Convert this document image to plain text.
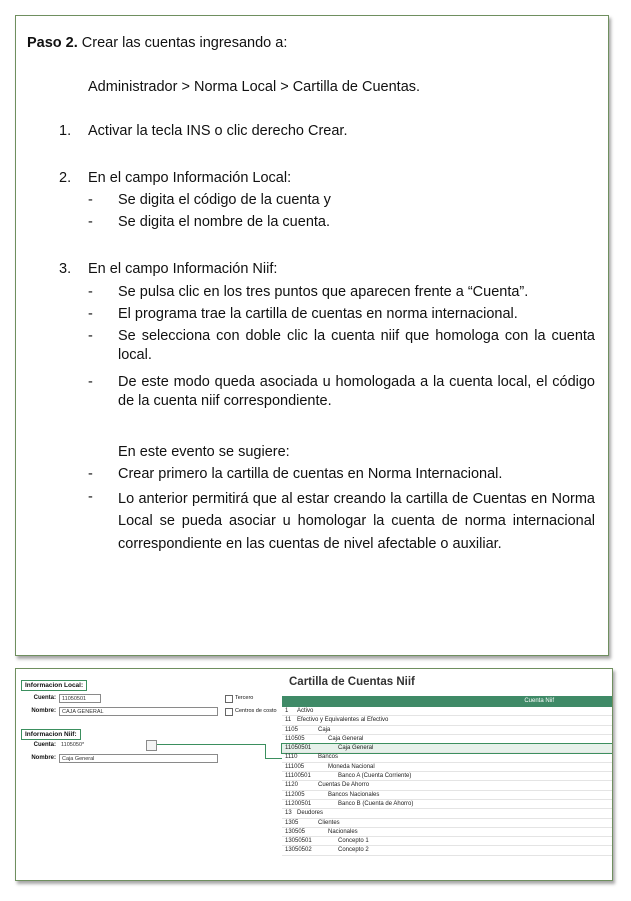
Paso 2. Crear las cuentas ingresando a:
Administrador > Norma Local > Cartilla de Cuentas.
1. Activar la tecla INS o clic derecho Crear.
2. En el campo Información Local:
- Se digita el código de la cuenta y
- Se digita el nombre de la cuenta.
3. En el campo Información Niif:
- Se pulsa clic en los tres puntos que aparecen frente a “Cuenta”.
- El programa trae la cartilla de cuentas en norma internacional.
- Se selecciona con doble clic la cuenta niif que homologa con la cuenta local.
- De este modo queda asociada u homologada a la cuenta local, el código de la cuenta niif correspondiente.
En este evento se sugiere:
- Crear primero la cartilla de cuentas en Norma Internacional.
- Lo anterior permitirá que al estar creando la cartilla de Cuentas en Norma Local se pueda asociar u homologar la cuenta de norma internacional correspondiente en las cuentas de nivel afectable o auxiliar.
Informacion Local:
Cuenta:	11050501
Nombre:	CAJA GENERAL
Tercero
Centros de costo
Informacion Niif:
Cuenta: 1105050*
Nombre:	Caja General
Cartilla de Cuentas Niif
Cuenta Niif
1 Activo
11 Efectivo y Equivalentes al Efectivo
1105	Caja
110505	Caja General
11050501	Caja General
1110	Bancos
111005	Moneda Nacional
11100501	Banco A (Cuenta Corriente)
1120	Cuentas De Ahorro
112005	Bancos Nacionales
11200501	Banco B (Cuenta de Ahorro)
13 Deudores
1305	Clientes
130505	Nacionales
13050501	Concepto 1
13050502	Concepto 2
